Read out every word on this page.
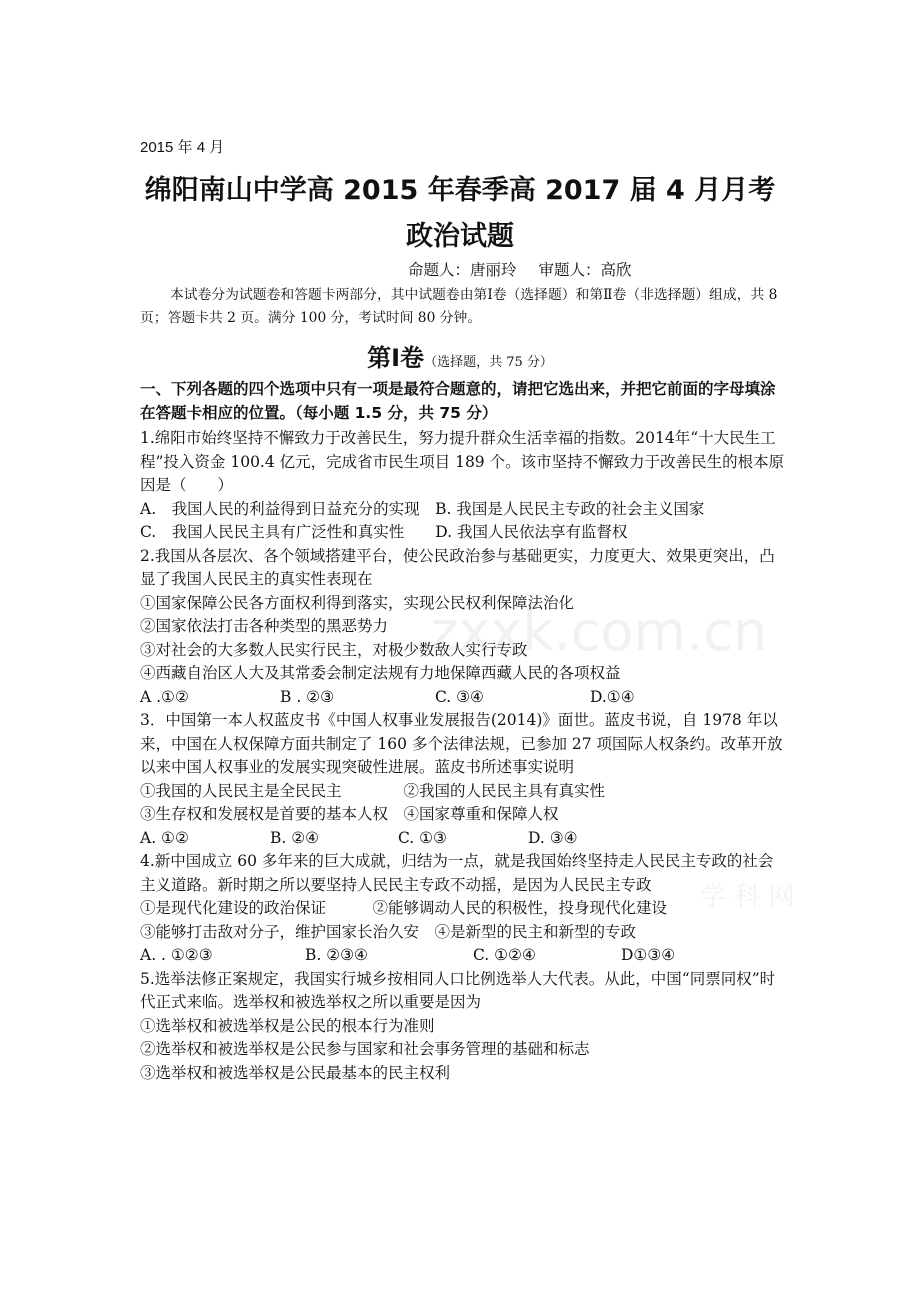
zxxk.com.cn
学 科 网
2015 年 4 月
绵阳南山中学高 2015 年春季高 2017 届 4 月月考
政治试题
命题人：唐丽玲 审题人：高欣

本试卷分为试题卷和答题卡两部分，其中试题卷由第Ⅰ卷（选择题）和第Ⅱ卷（非选择题）组成，共 8 页；答题卡共 2 页。满分 100 分，考试时间 80 分钟。

第Ⅰ卷（选择题，共 75 分）
一、下列各题的四个选项中只有一项是最符合题意的，请把它选出来，并把它前面的字母填涂在答题卡相应的位置。（每小题 1.5 分，共 75 分）

1.绵阳市始终坚持不懈致力于改善民生，努力提升群众生活幸福的指数。2014年“十大民生工程”投入资金 100.4 亿元，完成省市民生项目 189 个。该市坚持不懈致力于改善民生的根本原因是（　　）

A.　我国人民的利益得到日益充分的实现　B. 我国是人民民主专政的社会主义国家

C.　我国人民民主具有广泛性和真实性　　D. 我国人民依法享有监督权

2.我国从各层次、各个领域搭建平台，使公民政治参与基础更实，力度更大、效果更突出，凸显了我国人民民主的真实性表现在

①国家保障公民各方面权利得到落实，实现公民权利保障法治化

②国家依法打击各种类型的黑恶势力

③对社会的大多数人民实行民主，对极少数敌人实行专政

④西藏自治区人大及其常委会制定法规有力地保障西藏人民的各项权益

A .①②	B . ②③	C. ③④	D.①④

3．中国第一本人权蓝皮书《中国人权事业发展报告(2014)》面世。蓝皮书说，自 1978 年以来，中国在人权保障方面共制定了 160 多个法律法规，已参加 27 项国际人权条约。改革开放以来中国人权事业的发展实现突破性进展。蓝皮书所述事实说明

①我国的人民民主是全民民主　　　　②我国的人民民主具有真实性

③生存权和发展权是首要的基本人权　④国家尊重和保障人权

A. ①②	B. ②④	C. ①③	D. ③④

4.新中国成立 60 多年来的巨大成就，归结为一点，就是我国始终坚持走人民民主专政的社会主义道路。新时期之所以要坚持人民民主专政不动摇，是因为人民民主专政

①是现代化建设的政治保证　　　②能够调动人民的积极性，投身现代化建设

③能够打击敌对分子，维护国家长治久安　④是新型的民主和新型的专政

A. . ①②③	B. ②③④	C. ①②④	D①③④

5.选举法修正案规定，我国实行城乡按相同人口比例选举人大代表。从此，中国“同票同权”时代正式来临。选举权和被选举权之所以重要是因为

①选举权和被选举权是公民的根本行为准则

②选举权和被选举权是公民参与国家和社会事务管理的基础和标志

③选举权和被选举权是公民最基本的民主权利
